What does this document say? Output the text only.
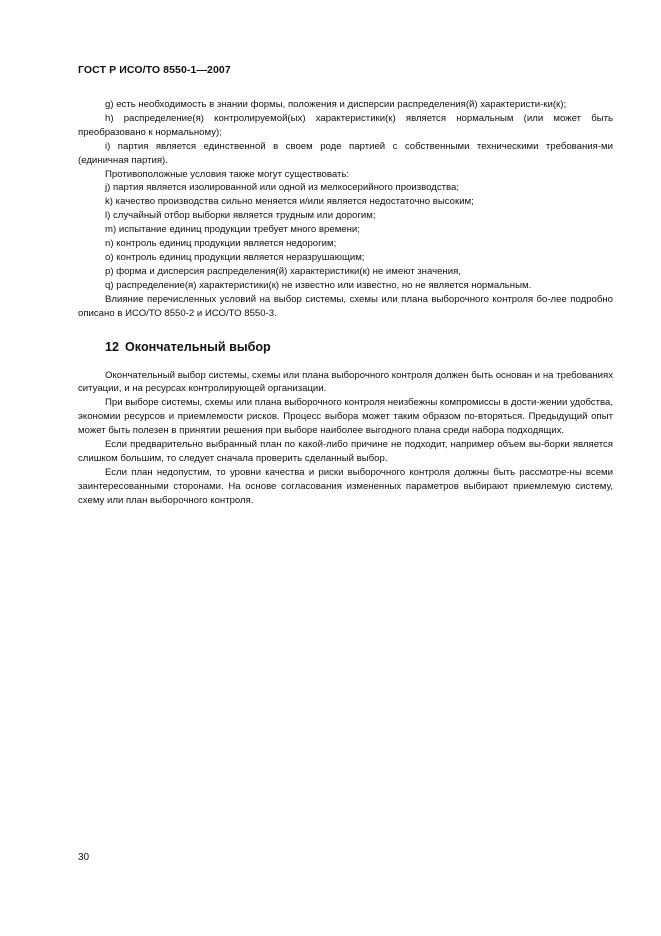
ГОСТ Р ИСО/ТО 8550-1—2007

g) есть необходимость в знании формы, положения и дисперсии распределения(й) характеристи-ки(к);

h) распределение(я) контролируемой(ых) характеристики(к) является нормальным (или может быть преобразовано к нормальному);

i) партия является единственной в своем роде партией с собственными техническими требования-ми (единичная партия).

Противоположные условия также могут существовать:

j) партия является изолированной или одной из мелкосерийного производства;

k) качество производства сильно меняется и/или является недостаточно высоким;

l) случайный отбор выборки является трудным или дорогим;

m) испытание единиц продукции требует много времени;

n) контроль единиц продукции является недорогим;

o) контроль единиц продукции является неразрушающим;

p) форма и дисперсия распределения(й) характеристики(к) не имеют значения,

q) распределение(я) характеристики(к) не известно или известно, но не является нормальным.

Влияние перечисленных условий на выбор системы, схемы или плана выборочного контроля бо-лее подробно описано в ИСО/ТО 8550-2 и ИСО/ТО 8550-3.

12 Окончательный выбор

Окончательный выбор системы, схемы или плана выборочного контроля должен быть основан и на требованиях ситуации, и на ресурсах контролирующей организации.

При выборе системы, схемы или плана выборочного контроля неизбежны компромиссы в дости-жении удобства, экономии ресурсов и приемлемости рисков. Процесс выбора может таким образом по-вторяться. Предыдущий опыт может быть полезен в принятии решения при выборе наиболее выгодного плана среди набора подходящих.

Если предварительно выбранный план по какой-либо причине не подходит, например объем вы-борки является слишком большим, то следует сначала проверить сделанный выбор.

Если план недопустим, то уровни качества и риски выборочного контроля должны быть рассмотре-ны всеми заинтересованными сторонами. На основе согласования измененных параметров выбирают приемлемую систему, схему или план выборочного контроля.

30
